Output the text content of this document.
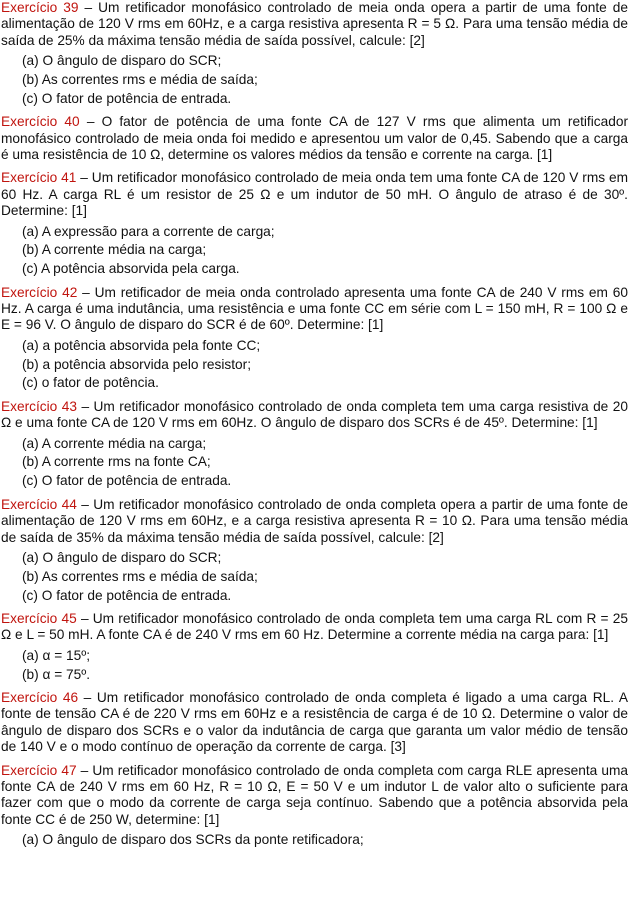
Exercício 39 – Um retificador monofásico controlado de meia onda opera a partir de uma fonte de alimentação de 120 V rms em 60Hz, e a carga resistiva apresenta R = 5 Ω. Para uma tensão média de saída de 25% da máxima tensão média de saída possível, calcule: [2]

(a) O ângulo de disparo do SCR;
(b) As correntes rms e média de saída;
(c) O fator de potência de entrada.

Exercício 40 – O fator de potência de uma fonte CA de 127 V rms que alimenta um retificador monofásico controlado de meia onda foi medido e apresentou um valor de 0,45. Sabendo que a carga é uma resistência de 10 Ω, determine os valores médios da tensão e corrente na carga. [1]

Exercício 41 – Um retificador monofásico controlado de meia onda tem uma fonte CA de 120 V rms em 60 Hz. A carga RL é um resistor de 25 Ω e um indutor de 50 mH. O ângulo de atraso é de 30º. Determine: [1]

(a) A expressão para a corrente de carga;
(b) A corrente média na carga;
(c) A potência absorvida pela carga.

Exercício 42 – Um retificador de meia onda controlado apresenta uma fonte CA de 240 V rms em 60 Hz. A carga é uma indutância, uma resistência e uma fonte CC em série com L = 150 mH, R = 100 Ω e E = 96 V. O ângulo de disparo do SCR é de 60º. Determine: [1]

(a) a potência absorvida pela fonte CC;
(b) a potência absorvida pelo resistor;
(c) o fator de potência.

Exercício 43 – Um retificador monofásico controlado de onda completa tem uma carga resistiva de 20 Ω e uma fonte CA de 120 V rms em 60Hz. O ângulo de disparo dos SCRs é de 45º. Determine: [1]

(a) A corrente média na carga;
(b) A corrente rms na fonte CA;
(c) O fator de potência de entrada.

Exercício 44 – Um retificador monofásico controlado de onda completa opera a partir de uma fonte de alimentação de 120 V rms em 60Hz, e a carga resistiva apresenta R = 10 Ω. Para uma tensão média de saída de 35% da máxima tensão média de saída possível, calcule: [2]

(a) O ângulo de disparo do SCR;
(b) As correntes rms e média de saída;
(c) O fator de potência de entrada.

Exercício 45 – Um retificador monofásico controlado de onda completa tem uma carga RL com R = 25 Ω e L = 50 mH. A fonte CA é de 240 V rms em 60 Hz. Determine a corrente média na carga para: [1]

(a) α = 15º;
(b) α = 75º.

Exercício 46 – Um retificador monofásico controlado de onda completa é ligado a uma carga RL. A fonte de tensão CA é de 220 V rms em 60Hz e a resistência de carga é de 10 Ω. Determine o valor de ângulo de disparo dos SCRs e o valor da indutância de carga que garanta um valor médio de tensão de 140 V e o modo contínuo de operação da corrente de carga. [3]

Exercício 47 – Um retificador monofásico controlado de onda completa com carga RLE apresenta uma fonte CA de 240 V rms em 60 Hz, R = 10 Ω, E = 50 V e um indutor L de valor alto o suficiente para fazer com que o modo da corrente de carga seja contínuo. Sabendo que a potência absorvida pela fonte CC é de 250 W, determine: [1]

(a) O ângulo de disparo dos SCRs da ponte retificadora;
